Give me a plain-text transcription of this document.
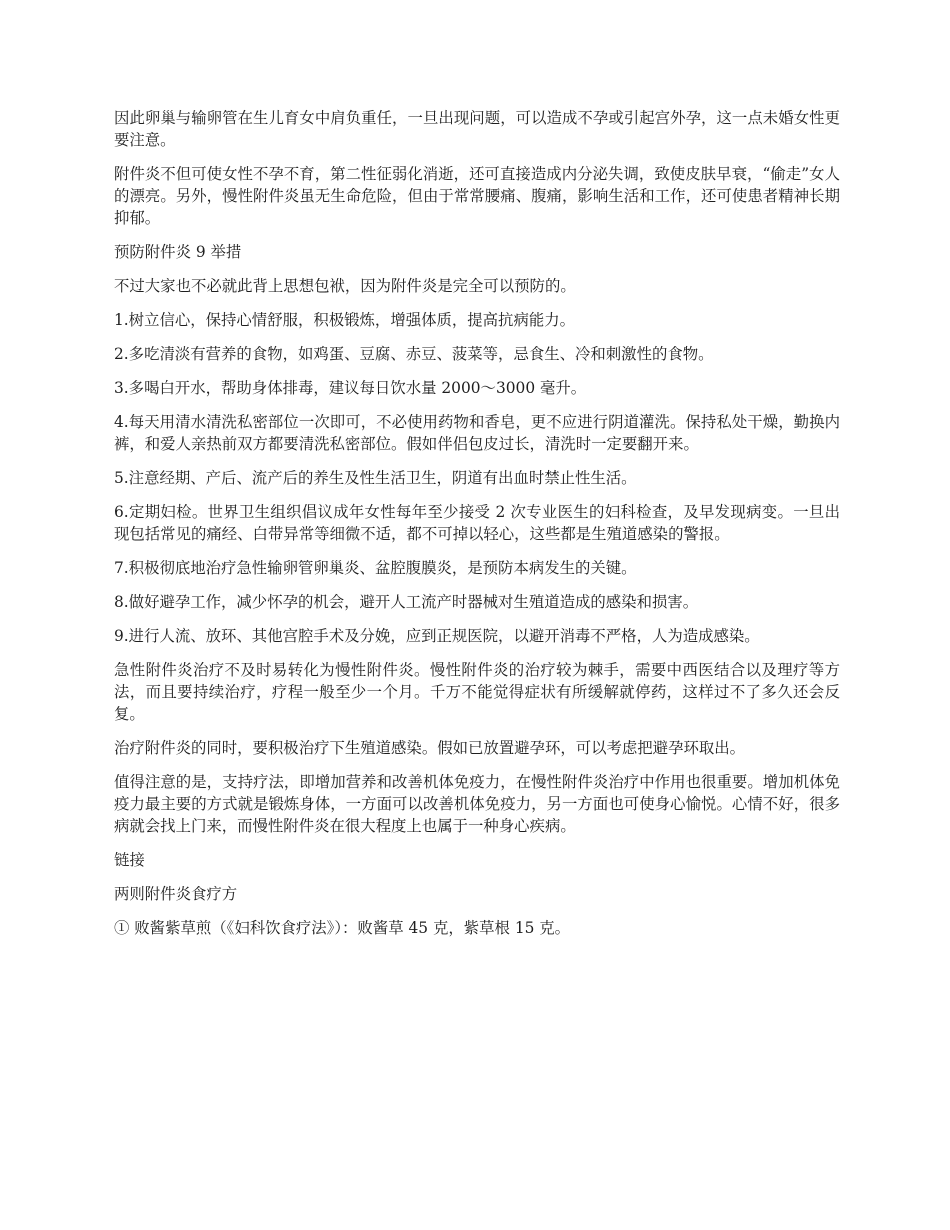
因此卵巢与输卵管在生儿育女中肩负重任，一旦出现问题，可以造成不孕或引起宫外孕，这一点未婚女性更要注意。

附件炎不但可使女性不孕不育，第二性征弱化消逝，还可直接造成内分泌失调，致使皮肤早衰，“偷走”女人的漂亮。另外，慢性附件炎虽无生命危险，但由于常常腰痛、腹痛，影响生活和工作，还可使患者精神长期抑郁。

预防附件炎 9 举措

不过大家也不必就此背上思想包袱，因为附件炎是完全可以预防的。

1.树立信心，保持心情舒服，积极锻炼，增强体质，提高抗病能力。

2.多吃清淡有营养的食物，如鸡蛋、豆腐、赤豆、菠菜等，忌食生、冷和刺激性的食物。

3.多喝白开水，帮助身体排毒，建议每日饮水量 2000～3000 毫升。

4.每天用清水清洗私密部位一次即可，不必使用药物和香皂，更不应进行阴道灌洗。保持私处干燥，勤换内裤，和爱人亲热前双方都要清洗私密部位。假如伴侣包皮过长，清洗时一定要翻开来。

5.注意经期、产后、流产后的养生及性生活卫生，阴道有出血时禁止性生活。

6.定期妇检。世界卫生组织倡议成年女性每年至少接受 2 次专业医生的妇科检查，及早发现病变。一旦出现包括常见的痛经、白带异常等细微不适，都不可掉以轻心，这些都是生殖道感染的警报。

7.积极彻底地治疗急性输卵管卵巢炎、盆腔腹膜炎，是预防本病发生的关键。

8.做好避孕工作，减少怀孕的机会，避开人工流产时器械对生殖道造成的感染和损害。

9.进行人流、放环、其他宫腔手术及分娩，应到正规医院，以避开消毒不严格，人为造成感染。

急性附件炎治疗不及时易转化为慢性附件炎。慢性附件炎的治疗较为棘手，需要中西医结合以及理疗等方法，而且要持续治疗，疗程一般至少一个月。千万不能觉得症状有所缓解就停药，这样过不了多久还会反复。

治疗附件炎的同时，要积极治疗下生殖道感染。假如已放置避孕环，可以考虑把避孕环取出。

值得注意的是，支持疗法，即增加营养和改善机体免疫力，在慢性附件炎治疗中作用也很重要。增加机体免疫力最主要的方式就是锻炼身体，一方面可以改善机体免疫力，另一方面也可使身心愉悦。心情不好，很多病就会找上门来，而慢性附件炎在很大程度上也属于一种身心疾病。

链接

两则附件炎食疗方

① 败酱紫草煎（《妇科饮食疗法》）：败酱草 45 克，紫草根 15 克。
